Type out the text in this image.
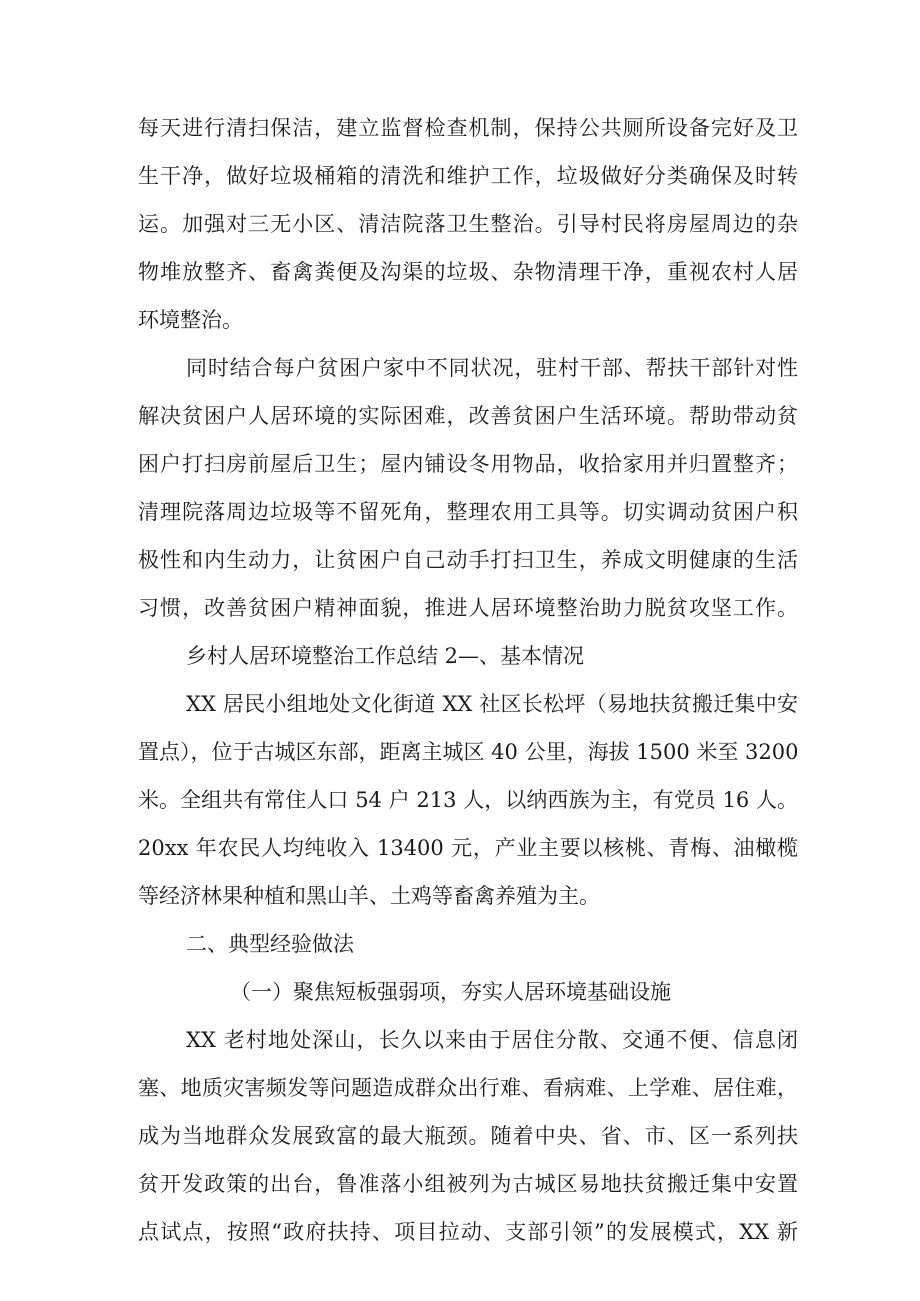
每天进行清扫保洁，建立监督检查机制，保持公共厕所设备完好及卫
生干净，做好垃圾桶箱的清洗和维护工作，垃圾做好分类确保及时转
运。加强对三无小区、清洁院落卫生整治。引导村民将房屋周边的杂
物堆放整齐、畜禽粪便及沟渠的垃圾、杂物清理干净，重视农村人居
环境整治。
同时结合每户贫困户家中不同状况，驻村干部、帮扶干部针对性
解决贫困户人居环境的实际困难，改善贫困户生活环境。帮助带动贫
困户打扫房前屋后卫生；屋内铺设冬用物品，收拾家用并归置整齐；
清理院落周边垃圾等不留死角，整理农用工具等。切实调动贫困户积
极性和内生动力，让贫困户自己动手打扫卫生，养成文明健康的生活
习惯，改善贫困户精神面貌，推进人居环境整治助力脱贫攻坚工作。
乡村人居环境整治工作总结 2—、基本情况
XX 居民小组地处文化街道 XX 社区长松坪（易地扶贫搬迁集中安
置点），位于古城区东部，距离主城区 40 公里，海拔 1500 米至 3200
米。全组共有常住人口 54 户 213 人，以纳西族为主，有党员 16 人。
20xx 年农民人均纯收入 13400 元，产业主要以核桃、青梅、油橄榄
等经济林果种植和黑山羊、土鸡等畜禽养殖为主。
二、典型经验做法
（一）聚焦短板强弱项，夯实人居环境基础设施
XX 老村地处深山，长久以来由于居住分散、交通不便、信息闭
塞、地质灾害频发等问题造成群众出行难、看病难、上学难、居住难，
成为当地群众发展致富的最大瓶颈。随着中央、省、市、区一系列扶
贫开发政策的出台，鲁准落小组被列为古城区易地扶贫搬迁集中安置
点试点，按照“政府扶持、项目拉动、支部引领”的发展模式，XX 新
